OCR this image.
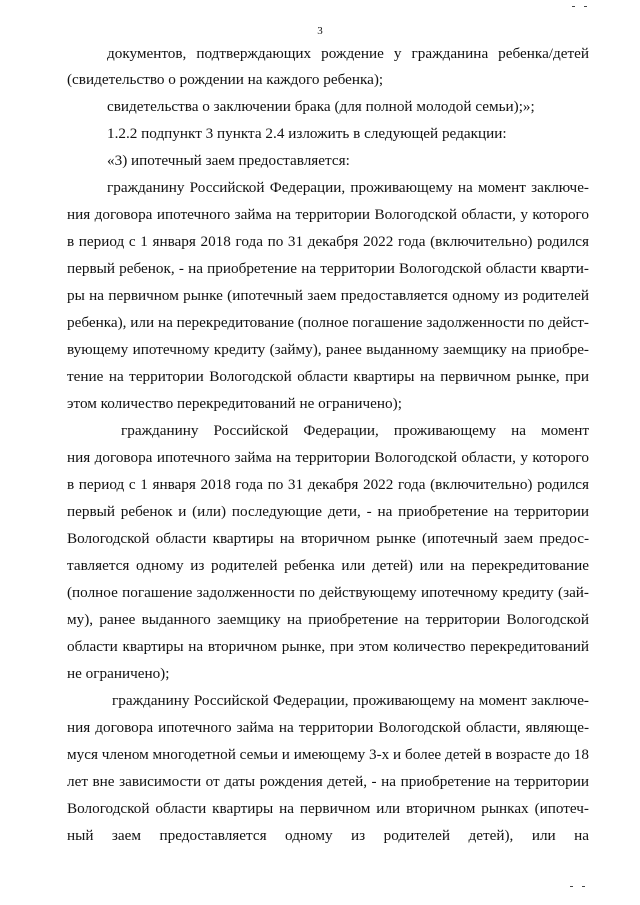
3
документов, подтверждающих рождение у гражданина ребенка/детей
(свидетельство о рождении на каждого ребенка);
свидетельства о заключении брака (для полной молодой семьи);»;
1.2.2 подпункт 3 пункта 2.4 изложить в следующей редакции:
«3) ипотечный заем предоставляется:
гражданину Российской Федерации, проживающему на момент заключе-
ния договора ипотечного займа на территории Вологодской области, у которого
в период с 1 января 2018 года по 31 декабря 2022 года (включительно) родился
первый ребенок, - на приобретение на территории Вологодской области кварти-
ры на первичном рынке (ипотечный заем предоставляется одному из родителей
ребенка), или на перекредитование (полное погашение задолженности по дейст-
вующему ипотечному кредиту (займу), ранее выданному заемщику на приобре-
тение на территории Вологодской области квартиры на первичном рынке, при
этом количество перекредитований не ограничено);
гражданину Российской Федерации, проживающему на момент
ния договора ипотечного займа на территории Вологодской области, у которого
в период с 1 января 2018 года по 31 декабря 2022 года (включительно) родился
первый ребенок и (или) последующие дети, - на приобретение на территории
Вологодской области квартиры на вторичном рынке (ипотечный заем предос-
тавляется одному из родителей ребенка или детей) или на перекредитование
(полное погашение задолженности по действующему ипотечному кредиту (зай-
му), ранее выданного заемщику на приобретение на территории Вологодской
области квартиры на вторичном рынке, при этом количество перекредитований
не ограничено);
гражданину Российской Федерации, проживающему на момент заключе-
ния договора ипотечного займа на территории Вологодской области, являюще-
муся членом многодетной семьи и имеющему 3-х и более детей в возрасте до 18
лет вне зависимости от даты рождения детей, - на приобретение на территории
Вологодской области квартиры на первичном или вторичном рынках (ипотеч-
ный заем предоставляется одному из родителей детей), или на
